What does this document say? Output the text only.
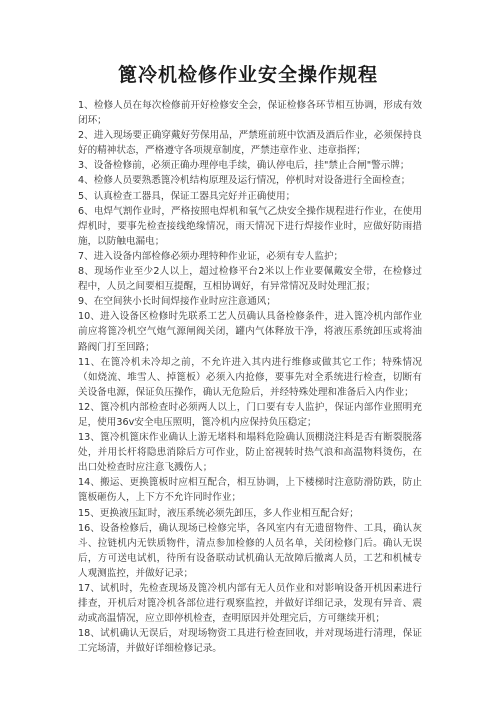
篦冷机检修作业安全操作规程
1、检修人员在每次检修前开好检修安全会，保证检修各环节相互协调，形成有效闭环；
2、进入现场要正确穿戴好劳保用品，严禁班前班中饮酒及酒后作业，必须保持良好的精神状态，严格遵守各项规章制度，严禁违章作业、违章指挥；
3、设备检修前，必须正确办理停电手续，确认停电后，挂"禁止合闸"警示牌；
4、检修人员要熟悉篦冷机结构原理及运行情况，停机时对设备进行全面检查；
5、认真检查工器具，保证工器具完好并正确使用；
6、电焊气割作业时，严格按照电焊机和氧气乙炔安全操作规程进行作业，在使用焊机时，要事先检查接线绝缘情况，雨天情况下进行焊接作业时，应做好防雨措施，以防触电漏电；
7、进入设备内部检修必须办理特种作业证，必须有专人监护；
8、现场作业至少2人以上，超过检修平台2米以上作业要佩戴安全带，在检修过程中，人员之间要相互提醒，互相协调好，有异常情况及时处理汇报；
9、在空间狭小长时间焊接作业时应注意通风；
10、进入设备区检修时先联系工艺人员确认具备检修条件，进入篦冷机内部作业前应将篦冷机空气炮气源闸阀关闭，罐内气体释放干净，将液压系统卸压或将油路阀门打至回路；
11、在篦冷机未冷却之前，不允许进入其内进行维修或做其它工作；特殊情况（如烧流、堆雪人、掉篦板）必须入内抢修，要事先对全系统进行检查，切断有关设备电源，保证负压操作，确认无危险后，并经特殊处理和准备后入内作业；
12、篦冷机内部检查时必须两人以上，门口要有专人监护，保证内部作业照明充足，使用36v安全电压照明，篦冷机内应保持负压稳定；
13、篦冷机篦床作业确认上游无堵料和塌料危险确认顶棚浇注料是否有断裂脱落处，并用长杆将隐患消除后方可作业，防止窑视转时热气浪和高温物料烫伤，在出口处检查时应注意飞溅伤人；
14、搬运、更换篦板时应相互配合，相互协调，上下楼梯时注意防滑防跌，防止篦板砸伤人，上下方不允许同时作业；
15、更换液压缸时，液压系统必须先卸压，多人作业相互配合好；
16、设备检修后，确认现场已检修完毕，各风室内有无遗留物件、工具，确认灰斗、拉链机内无铁质物件，清点参加检修的人员名单，关闭检修门后。确认无误后，方可送电试机，待所有设备联动试机确认无故障后撤离人员，工艺和机械专人观测监控，并做好记录；
17、试机时，先检查现场及篦冷机内部有无人员作业和对影响设备开机因素进行排查，开机后对篦冷机各部位进行观察监控，并做好详细记录，发现有异音、震动或高温情况，应立即停机检查，查明原因并处理完后，方可继续开机；
18、试机确认无误后，对现场物资工具进行检查回收，并对现场进行清理，保证工完场清，并做好详细检修记录。
